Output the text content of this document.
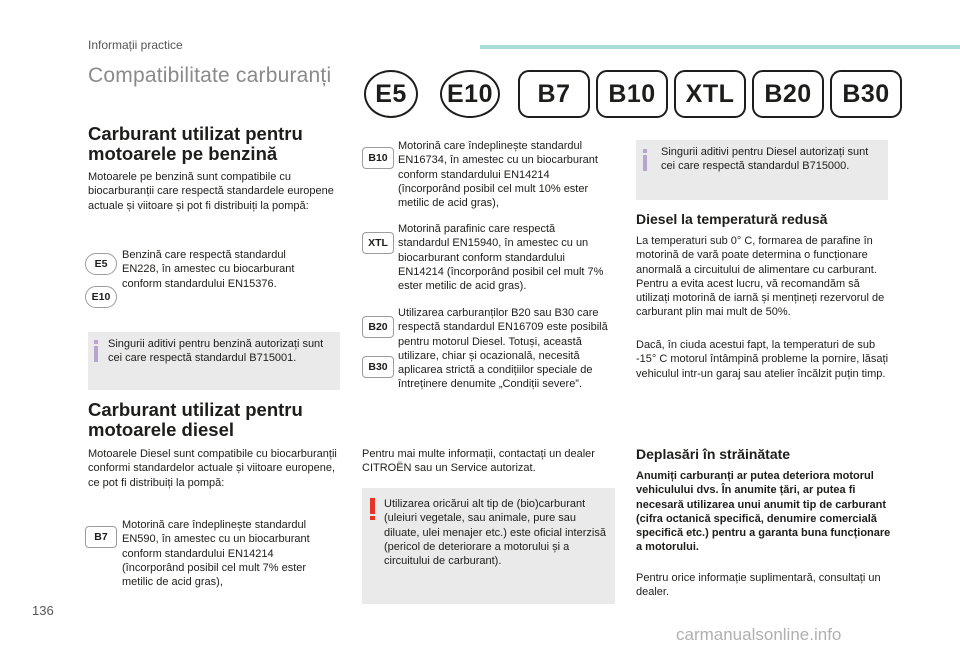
Informații practice
Compatibilitate carburanți
E5	E10	B7	B10	XTL	B20	B30
Carburant utilizat pentru motoarele pe benzină
Motoarele pe benzină sunt compatibile cu biocarburanții care respectă standardele europene actuale și viitoare și pot fi distribuiți la pompă:
E5
E10
Benzină care respectă standardul EN228, în amestec cu biocarburant conform standardului EN15376.
Singurii aditivi pentru benzină autorizați sunt cei care respectă standardul B715001.
Carburant utilizat pentru motoarele diesel
Motoarele Diesel sunt compatibile cu biocarburanții conformi standardelor actuale și viitoare europene, ce pot fi distribuiți la pompă:
B7
Motorină care îndeplinește standardul EN590, în amestec cu un biocarburant conform standardului EN14214 (încorporând posibil cel mult 7% ester metilic de acid gras),
B10
Motorină care îndeplinește standardul EN16734, în amestec cu un biocarburant conform standardului EN14214 (încorporând posibil cel mult 10% ester metilic de acid gras),
XTL
Motorină parafinic care respectă standardul EN15940, în amestec cu un biocarburant conform standardului EN14214 (încorporând posibil cel mult 7% ester metilic de acid gras).
B20
B30
Utilizarea carburanților B20 sau B30 care respectă standardul EN16709 este posibilă pentru motorul Diesel. Totuși, această utilizare, chiar și ocazională, necesită aplicarea strictă a condițiilor speciale de întreținere denumite „Condiții severe”.
Pentru mai multe informații, contactați un dealer CITROËN sau un Service autorizat.
Utilizarea oricărui alt tip de (bio)carburant (uleiuri vegetale, sau animale, pure sau diluate, ulei menajer etc.) este oficial interzisă (pericol de deteriorare a motorului și a circuitului de carburant).
Singurii aditivi pentru Diesel autorizați sunt cei care respectă standardul B715000.
Diesel la temperatură redusă
La temperaturi sub 0° C, formarea de parafine în motorină de vară poate determina o funcționare anormală a circuitului de alimentare cu carburant. Pentru a evita acest lucru, vă recomandăm să utilizați motorină de iarnă și mențineți rezervorul de carburant plin mai mult de 50%.
Dacă, în ciuda acestui fapt, la temperaturi de sub -15° C motorul întâmpină probleme la pornire, lăsați vehiculul intr-un garaj sau atelier încălzit puțin timp.
Deplasări în străinătate
Anumiți carburanți ar putea deteriora motorul vehiculului dvs. În anumite țări, ar putea fi necesară utilizarea unui anumit tip de carburant (cifra octanică specifică, denumire comercială specifică etc.) pentru a garanta buna funcționare a motorului.
Pentru orice informație suplimentară, consultați un dealer.
136
carmanualsonline.info
